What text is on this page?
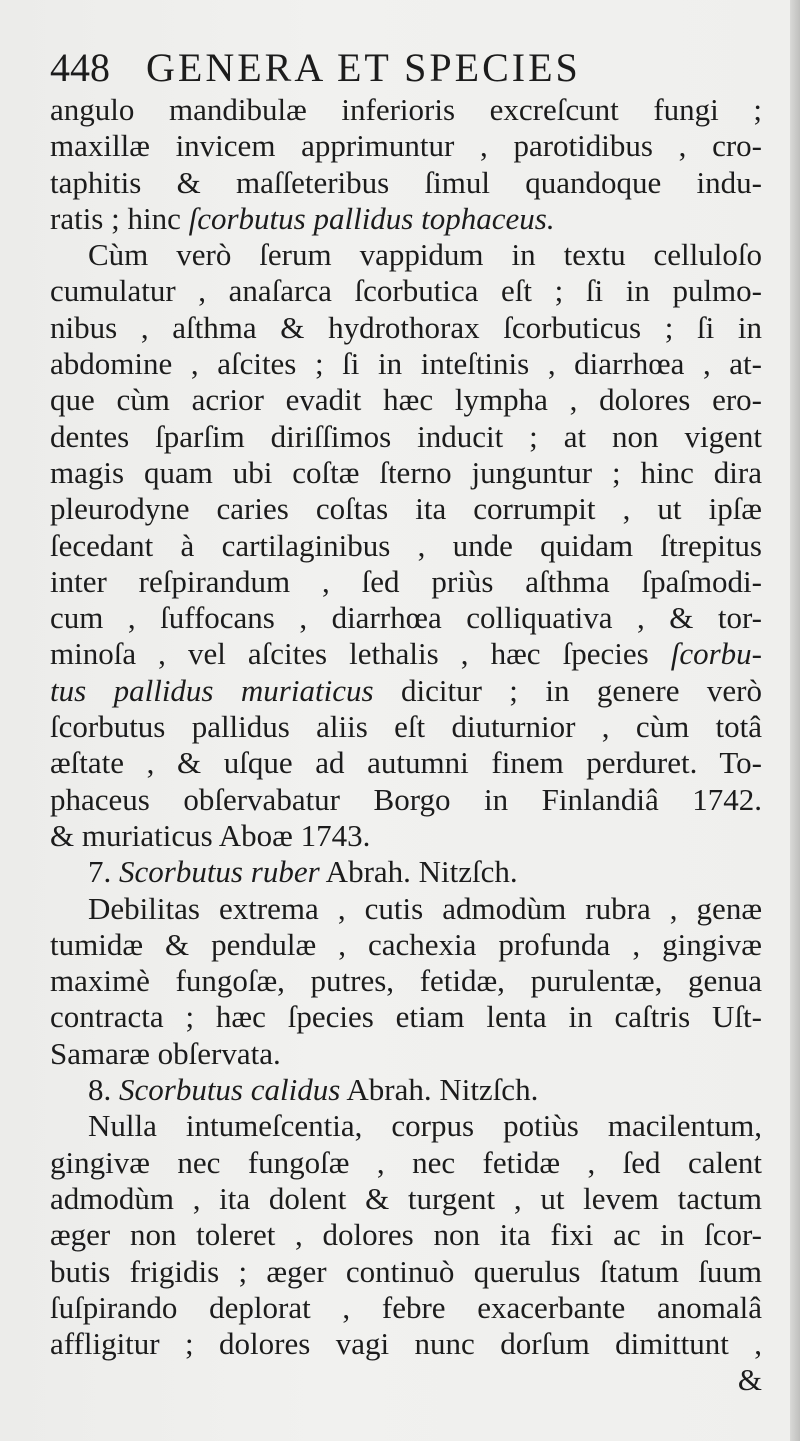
448 GENERA ET SPECIES
angulo mandibulæ inferioris excreſcunt fungi ;
maxillæ invicem apprimuntur , parotidibus , cro-
taphitis & maſſeteribus ſimul quandoque indu-
ratis ; hinc ſcorbutus pallidus tophaceus.
Cùm verò ſerum vappidum in textu celluloſo
cumulatur , anaſarca ſcorbutica eſt ; ſi in pulmo-
nibus , aſthma & hydrothorax ſcorbuticus ; ſi in
abdomine , aſcites ; ſi in inteſtinis , diarrhœa , at-
que cùm acrior evadit hæc lympha , dolores ero-
dentes ſparſim diriſſimos inducit ; at non vigent
magis quam ubi coſtæ ſterno junguntur ; hinc dira
pleurodyne caries coſtas ita corrumpit , ut ipſæ
ſecedant à cartilaginibus , unde quidam ſtrepitus
inter reſpirandum , ſed priùs aſthma ſpaſmodi-
cum , ſuffocans , diarrhœa colliquativa , & tor-
minoſa , vel aſcites lethalis , hæc ſpecies ſcorbu-
tus pallidus muriaticus dicitur ; in genere verò
ſcorbutus pallidus aliis eſt diuturnior , cùm totâ
æſtate , & uſque ad autumni finem perduret. To-
phaceus obſervabatur Borgo in Finlandiâ 1742.
& muriaticus Aboæ 1743.
7. Scorbutus ruber Abrah. Nitzſch.
Debilitas extrema , cutis admodùm rubra , genæ
tumidæ & pendulæ , cachexia profunda , gingivæ
maximè fungoſæ, putres, fetidæ, purulentæ, genua
contracta ; hæc ſpecies etiam lenta in caſtris Uſt-
Samaræ obſervata.
8. Scorbutus calidus Abrah. Nitzſch.
Nulla intumeſcentia, corpus potiùs macilentum,
gingivæ nec fungoſæ , nec fetidæ , ſed calent
admodùm , ita dolent & turgent , ut levem tactum
æger non toleret , dolores non ita fixi ac in ſcor-
butis frigidis ; æger continuò querulus ſtatum ſuum
ſuſpirando deplorat , febre exacerbante anomalâ
affligitur ; dolores vagi nunc dorſum dimittunt ,
&
